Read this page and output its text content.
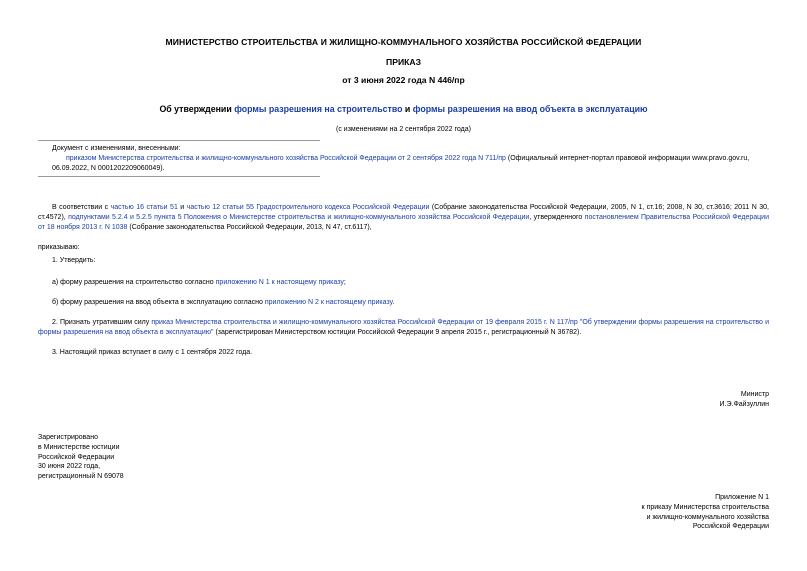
МИНИСТЕРСТВО СТРОИТЕЛЬСТВА И ЖИЛИЩНО-КОММУНАЛЬНОГО ХОЗЯЙСТВА РОССИЙСКОЙ ФЕДЕРАЦИИ
ПРИКАЗ
от 3 июня 2022 года N 446/пр
Об утверждении формы разрешения на строительство и формы разрешения на ввод объекта в эксплуатацию
(с изменениями на 2 сентября 2022 года)
Документ с изменениями, внесенными:
приказом Министерства строительства и жилищно-коммунального хозяйства Российской Федерации от 2 сентября 2022 года N 711/пр (Официальный интернет-портал правовой информации www.pravo.gov.ru, 06.09.2022, N 0001202209060049).
В соответствии с частью 16 статьи 51 и частью 12 статьи 55 Градостроительного кодекса Российской Федерации (Собрание законодательства Российской Федерации, 2005, N 1, ст.16; 2008, N 30, ст.3616; 2011 N 30, ст.4572), подпунктами 5.2.4 и 5.2.5 пункта 5 Положения о Министерстве строительства и жилищно-коммунального хозяйства Российской Федерации, утвержденного постановлением Правительства Российской Федерации от 18 ноября 2013 г. N 1038 (Собрание законодательства Российской Федерации, 2013, N 47, ст.6117),
приказываю:
1. Утвердить:
а) форму разрешения на строительство согласно приложению N 1 к настоящему приказу;
б) форму разрешения на ввод объекта в эксплуатацию согласно приложению N 2 к настоящему приказу.
2. Признать утратившим силу приказ Министерства строительства и жилищно-коммунального хозяйства Российской Федерации от 19 февраля 2015 г. N 117/пр "Об утверждении формы разрешения на строительство и формы разрешения на ввод объекта в эксплуатацию" (зарегистрирован Министерством юстиции Российской Федерации 9 апреля 2015 г., регистрационный N 36782).
3. Настоящий приказ вступает в силу с 1 сентября 2022 года.
Министр
И.Э.Файзуллин
Зарегистрировано
в Министерстве юстиции
Российской Федерации
30 июня 2022 года,
регистрационный N 69078
Приложение N 1
к приказу Министерства строительства
и жилищно-коммунального хозяйства
Российской Федерации
